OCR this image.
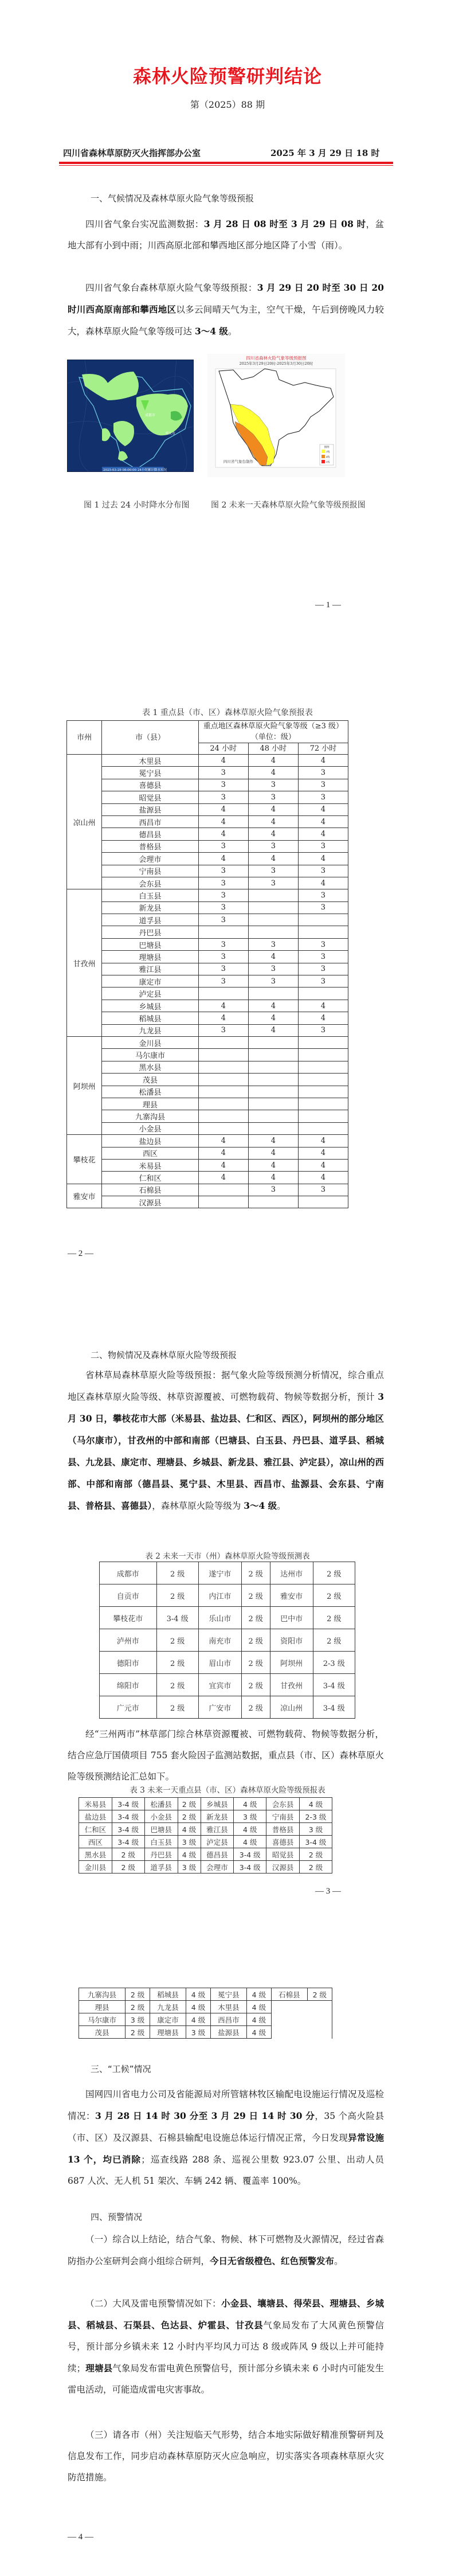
森林火险预警研判结论
第（2025）88 期
四川省森林草原防灭火指挥部办公室	2025 年 3 月 29 日 18 时
一、气候情况及森林草原火险气象等级预报
四川省气象台实况监测数据：3 月 28 日 08 时至 3 月 29 日 08 时，盆地大部有小到中雨；川西高原北部和攀西地区部分地区降了小雪（雨）。
四川省气象台森林草原火险气象等级预报：3 月 29 日 20 时至 30 日 20 时川西高原南部和攀西地区以多云间晴天气为主，空气干燥，午后到傍晚风力较大，森林草原火险气象等级可达 3～4 级。
成都市
重庆市
2025-03-29 08:00:00 24小时累计降水实况
四川省森林火险气象等级预报图
2025年3月29日20时-2025年3月30日20时
四川省气象台制作
图例
3级
4级
5级
图 1 过去 24 小时降水分布图	图 2 未来一天森林草原火险气象等级预报图
— 1 —
表 1 重点县（市、区）森林草原火险气象预报表
市州	市（县）	重点地区森林草原火险气象等级（≥3 级）（单位：级）		
		24 小时	48 小时	72 小时
凉山州	木里县	4	4	4
	冕宁县	3	4	3
	喜德县	3	3	3
	昭觉县	3	3	3
	盐源县	4	4	4
	西昌市	4	4	4
	德昌县	4	4	4
	普格县	3	3	3
	会理市	4	4	4
	宁南县	3	3	3
	会东县	3	3	4
甘孜州	白玉县	3		3
	新龙县	3		3
	道孚县	3		
	丹巴县			
	巴塘县	3	3	3
	理塘县	3	4	3
	雅江县	3	3	3
	康定市	3	3	3
	泸定县			
	乡城县	4	4	4
	稻城县	4	4	4
	九龙县	3	4	3
阿坝州	金川县			
	马尔康市			
	黑水县			
	茂县			
	松潘县			
	理县			
	九寨沟县			
	小金县			
攀枝花	盐边县	4	4	4
	西区	4	4	4
	米易县	4	4	4
	仁和区	4	4	4
雅安市	石棉县		3	3
	汉源县			
— 2 —
二、物候情况及森林草原火险等级预报
省林草局森林草原火险等级预报：据气象火险等级预测分析情况，综合重点地区森林草原火险等级、林草资源覆被、可燃物载荷、物候等数据分析，预计 3 月 30 日，攀枝花市大部（米易县、盐边县、仁和区、西区），阿坝州的部分地区（马尔康市），甘孜州的中部和南部（巴塘县、白玉县、丹巴县、道孚县、稻城县、九龙县、康定市、理塘县、乡城县、新龙县、雅江县、泸定县），凉山州的西部、中部和南部（德昌县、冕宁县、木里县、西昌市、盐源县、会东县、宁南县、普格县、喜德县），森林草原火险等级为 3～4 级。
表 2 未来一天市（州）森林草原火险等级预测表
成都市	2 级	遂宁市	2 级	达州市	2 级
自贡市	2 级	内江市	2 级	雅安市	2 级
攀枝花市	3-4 级	乐山市	2 级	巴中市	2 级
泸州市	2 级	南充市	2 级	资阳市	2 级
德阳市	2 级	眉山市	2 级	阿坝州	2-3 级
绵阳市	2 级	宜宾市	2 级	甘孜州	3-4 级
广元市	2 级	广安市	2 级	凉山州	3-4 级
经“三州两市”林草部门综合林草资源覆被、可燃物载荷、物候等数据分析，结合应急厅国债项目 755 套火险因子监测站数据，重点县（市、区）森林草原火险等级预测结论汇总如下。
表 3 未来一天重点县（市、区）森林草原火险等级预报表
米易县	3-4 级	松潘县	2 级	乡城县	4 级	会东县	4 级
盐边县	3-4 级	小金县	2 级	新龙县	3 级	宁南县	2-3 级
仁和区	3-4 级	巴塘县	4 级	雅江县	4 级	普格县	3 级
西区	3-4 级	白玉县	3 级	泸定县	4 级	喜德县	3-4 级
黑水县	2 级	丹巴县	4 级	德昌县	3-4 级	昭觉县	2 级
金川县	2 级	道孚县	3 级	会理市	3-4 级	汉源县	2 级
— 3 —
九寨沟县	2 级	稻城县	4 级	冕宁县	4 级	石棉县	2 级
理县	2 级	九龙县	4 级	木里县	4 级		
马尔康市	3 级	康定市	4 级	西昌市	4 级		
茂县	2 级	理塘县	3 级	盐源县	4 级		
三、“工候”情况
国网四川省电力公司及省能源局对所管辖林牧区输配电设施运行情况及巡检情况：3 月 28 日 14 时 30 分至 3 月 29 日 14 时 30 分，35 个高火险县（市、区）及汉源县、石棉县输配电设施总体运行情况正常，今日发现异常设施 13 个，均已消除；巡查线路 288 条、巡视公里数 923.07 公里、出动人员 687 人次、无人机 51 架次、车辆 242 辆、覆盖率 100%。
四、预警情况
（一）综合以上结论，结合气象、物候、林下可燃物及火源情况，经过省森防指办公室研判会商小组综合研判，今日无省级橙色、红色预警发布。
（二）大风及雷电预警情况如下：小金县、壤塘县、得荣县、理塘县、乡城县、稻城县、石渠县、色达县、炉霍县、甘孜县气象局发布了大风黄色预警信号，预计部分乡镇未来 12 小时内平均风力可达 8 级或阵风 9 级以上并可能持续；理塘县气象局发布雷电黄色预警信号，预计部分乡镇未来 6 小时内可能发生雷电活动，可能造成雷电灾害事故。
（三）请各市（州）关注短临天气形势，结合本地实际做好精准预警研判及信息发布工作，同步启动森林草原防灭火应急响应，切实落实各项森林草原火灾防范措施。
— 4 —
